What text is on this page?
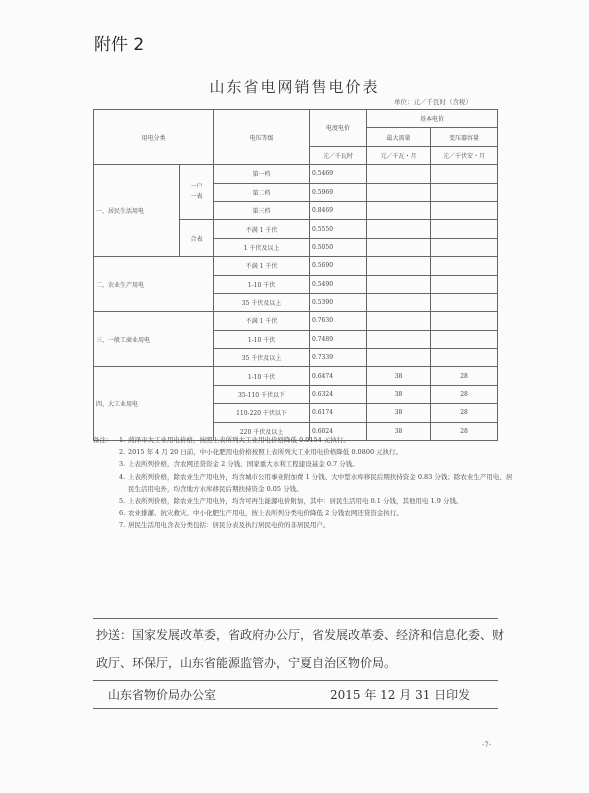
附件 2
山东省电网销售电价表
单位：元／千瓦时（含税）
用电分类		电压等级	电度电价	基本电价	
				最大需量	变压器容量
			元／千瓦时	元／千瓦・月	元／千伏安・月
一、居民生活用电	一户一表	第一档	0.5469		
		第二档	0.5969		
		第三档	0.8469		
	合表	不满 1 千伏	0.5550		
		1 千伏及以上	0.5050		
二、农业生产用电		不满 1 千伏	0.5690		
		1-10 千伏	0.5490		
		35 千伏及以上	0.5390		
三、一般工商业用电		不满 1 千伏	0.7630		
		1-10 千伏	0.7489		
		35 千伏及以上	0.7339		
四、大工业用电		1-10 千伏	0.6474	38	28
		35-110 千伏以下	0.6324	38	28
		110-220 千伏以下	0.6174	38	28
		220 千伏及以上	0.6024	38	28
备注：	1. 菏泽市大工业用电价格，按照上表所列大工业用电价格降低 0.0154 元执行。
2. 2015 年 4 月 20 日前，中小化肥用电价格按照上表所列大工业用电价格降低 0.0800 元执行。
3. 上表所列价格，含农网还贷资金 2 分钱、国家重大水利工程建设基金 0.7 分钱。
4. 上表所列价格，除农业生产用电外，均含城市公用事业附加费 1 分钱、大中型水库移民后期扶持资金 0.83 分钱；除农业生产用电、居民生活用电外，均含地方水库移民后期扶持资金 0.05 分钱。
5. 上表所列价格，除农业生产用电外，均含可再生能源电价附加，其中：居民生活用电 0.1 分钱，其他用电 1.9 分钱。
6. 农业排灌、抗灾救灾、中小化肥生产用电，按上表所列分类电价降低 2 分钱农网还贷资金执行。
7. 居民生活用电含表分类包括：居民分表及执行居民电价的非居民用户。
抄送：国家发展改革委，省政府办公厅，省发展改革委、经济和信息化委、财政厅、环保厅，山东省能源监管办，宁夏自治区物价局。
山东省物价局办公室	2015 年 12 月 31 日印发
-7-
